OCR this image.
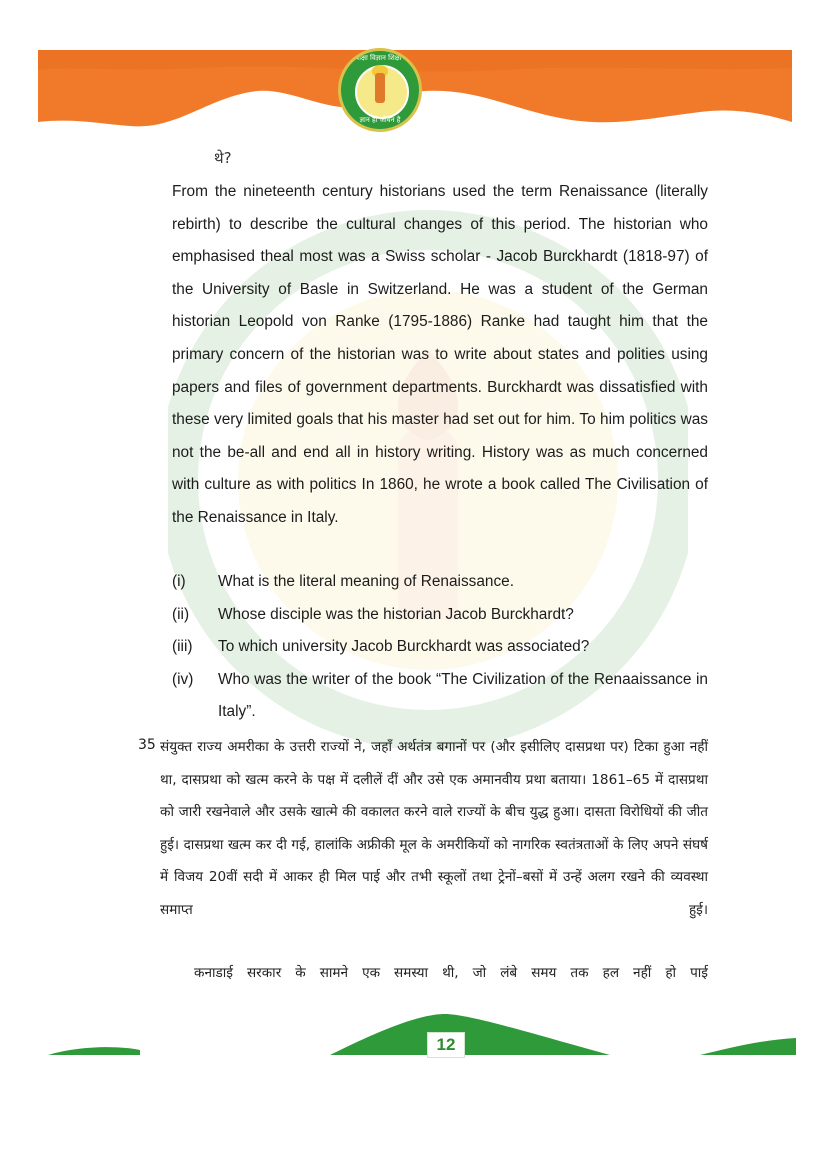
सर्वशिक्षा विज्ञान शिक्षा सेवा
ज्ञान ही जीवन है
थे?

From the nineteenth century historians used the term Renaissance (literally rebirth) to describe the cultural changes of this period. The historian who emphasised theal most was a Swiss scholar - Jacob Burckhardt (1818-97) of the University of Basle in Switzerland. He was a student of the German historian Leopold von Ranke (1795-1886) Ranke had taught him that the primary concern of the historian was to write about states and polities using papers and files of government departments. Burckhardt was dissatisfied with these very limited goals that his master had set out for him. To him politics was not the be-all and end all in history writing. History was as much concerned with culture as with politics In 1860, he wrote a book called The Civilisation of the Renaissance in Italy.

(i)	What is the literal meaning of Renaissance.
(ii)	Whose disciple was the historian Jacob Burckhardt?
(iii)	To which university Jacob Burckhardt was associated?
(iv)	Who was the writer of the book “The Civilization of the Renaaissance in Italy”.
35 संयुक्त राज्य अमरीका के उत्तरी राज्यों ने, जहाँ अर्थतंत्र बगानों पर (और इसीलिए दासप्रथा पर) टिका हुआ नहीं था, दासप्रथा को खत्म करने के पक्ष में दलीलें दीं और उसे एक अमानवीय प्रथा बताया। 1861–65 में दासप्रथा को जारी रखनेवाले और उसके खात्मे की वकालत करने वाले राज्यों के बीच युद्ध हुआ। दासता विरोधियों की जीत हुई। दासप्रथा खत्म कर दी गई, हालांकि अफ्रीकी मूल के अमरीकियों को नागरिक स्वतंत्रताओं के लिए अपने संघर्ष में विजय 20वीं सदी में आकर ही मिल पाई और तभी स्कूलों तथा ट्रेनों–बसों में उन्हें अलग रखने की व्यवस्था समाप्त हुई।

कनाडाई सरकार के सामने एक समस्या थी, जो लंबे समय तक हल नहीं हो पाई

12
